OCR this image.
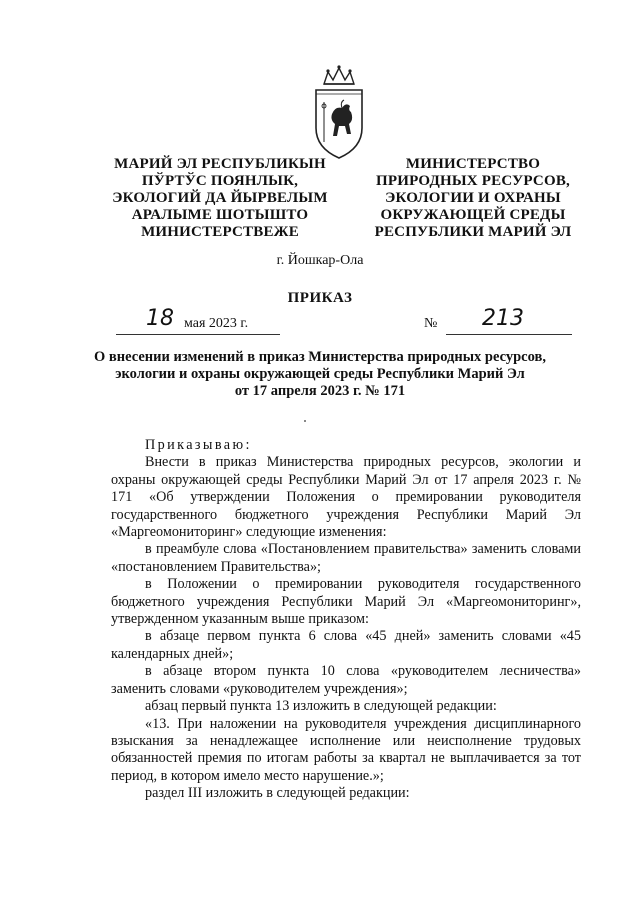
МАРИЙ ЭЛ РЕСПУБЛИКЫН
ПЎРТЎС ПОЯНЛЫК,
ЭКОЛОГИЙ ДА ЙЫРВЕЛЫМ
АРАЛЫМЕ ШОТЫШТО
МИНИСТЕРСТВЕЖЕ
МИНИСТЕРСТВО
ПРИРОДНЫХ РЕСУРСОВ,
ЭКОЛОГИИ И ОХРАНЫ
ОКРУЖАЮЩЕЙ СРЕДЫ
РЕСПУБЛИКИ МАРИЙ ЭЛ
г. Йошкар-Ола
ПРИКАЗ
18 мая 2023 г.	№ 213
О внесении изменений в приказ Министерства природных ресурсов,
экологии и охраны окружающей среды Республики Марий Эл
от 17 апреля 2023 г. № 171

Приказываю:

Внести в приказ Министерства природных ресурсов, экологии и охраны окружающей среды Республики Марий Эл от 17 апреля 2023 г. № 171 «Об утверждении Положения о премировании руководителя государственного бюджетного учреждения Республики Марий Эл «Маргеомониторинг» следующие изменения:

в преамбуле слова «Постановлением правительства» заменить словами «постановлением Правительства»;

в Положении о премировании руководителя государственного бюджетного учреждения Республики Марий Эл «Маргеомониторинг», утвержденном указанным выше приказом:

в абзаце первом пункта 6 слова «45 дней» заменить словами «45 календарных дней»;

в абзаце втором пункта 10 слова «руководителем лесничества» заменить словами «руководителем учреждения»;

абзац первый пункта 13 изложить в следующей редакции:

«13. При наложении на руководителя учреждения дисциплинарного взыскания за ненадлежащее исполнение или неисполнение трудовых обязанностей премия по итогам работы за квартал не выплачивается за тот период, в котором имело место нарушение.»;

раздел III изложить в следующей редакции:
